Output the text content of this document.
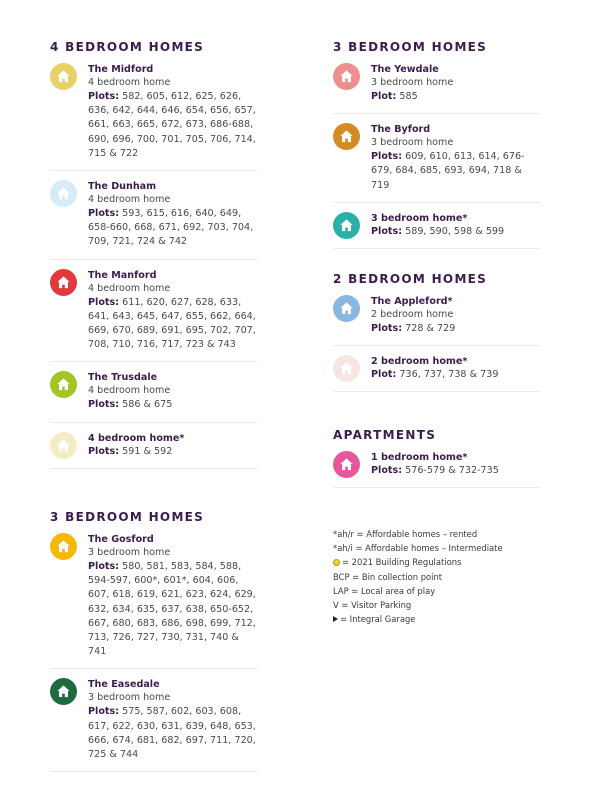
4 BEDROOM HOMES
The Midford
4 bedroom home
Plots: 582, 605, 612, 625, 626, 636, 642, 644, 646, 654, 656, 657, 661, 663, 665, 672, 673, 686-688, 690, 696, 700, 701, 705, 706, 714, 715 & 722
The Dunham
4 bedroom home
Plots: 593, 615, 616, 640, 649, 658-660, 668, 671, 692, 703, 704, 709, 721, 724 & 742
The Manford
4 bedroom home
Plots: 611, 620, 627, 628, 633, 641, 643, 645, 647, 655, 662, 664, 669, 670, 689, 691, 695, 702, 707, 708, 710, 716, 717, 723 & 743
The Trusdale
4 bedroom home
Plots: 586 & 675
4 bedroom home*
Plots: 591 & 592
3 BEDROOM HOMES
The Gosford
3 bedroom home
Plots: 580, 581, 583, 584, 588, 594-597, 600*, 601*, 604, 606, 607, 618, 619, 621, 623, 624, 629, 632, 634, 635, 637, 638, 650-652, 667, 680, 683, 686, 698, 699, 712, 713, 726, 727, 730, 731, 740 & 741
The Easedale
3 bedroom home
Plots: 575, 587, 602, 603, 608, 617, 622, 630, 631, 639, 648, 653, 666, 674, 681, 682, 697, 711, 720, 725 & 744
3 BEDROOM HOMES
The Yewdale
3 bedroom home
Plot: 585
The Byford
3 bedroom home
Plots: 609, 610, 613, 614, 676-679, 684, 685, 693, 694, 718 & 719
3 bedroom home*
Plots: 589, 590, 598 & 599
2 BEDROOM HOMES
The Appleford*
2 bedroom home
Plots: 728 & 729
2 bedroom home*
Plot: 736, 737, 738 & 739
APARTMENTS
1 bedroom home*
Plots: 576-579 & 732-735
*ah/r = Affordable homes – rented
*ah/i = Affordable homes – Intermediate
= 2021 Building Regulations
BCP = Bin collection point
LAP = Local area of play
V = Visitor Parking
= Integral Garage
